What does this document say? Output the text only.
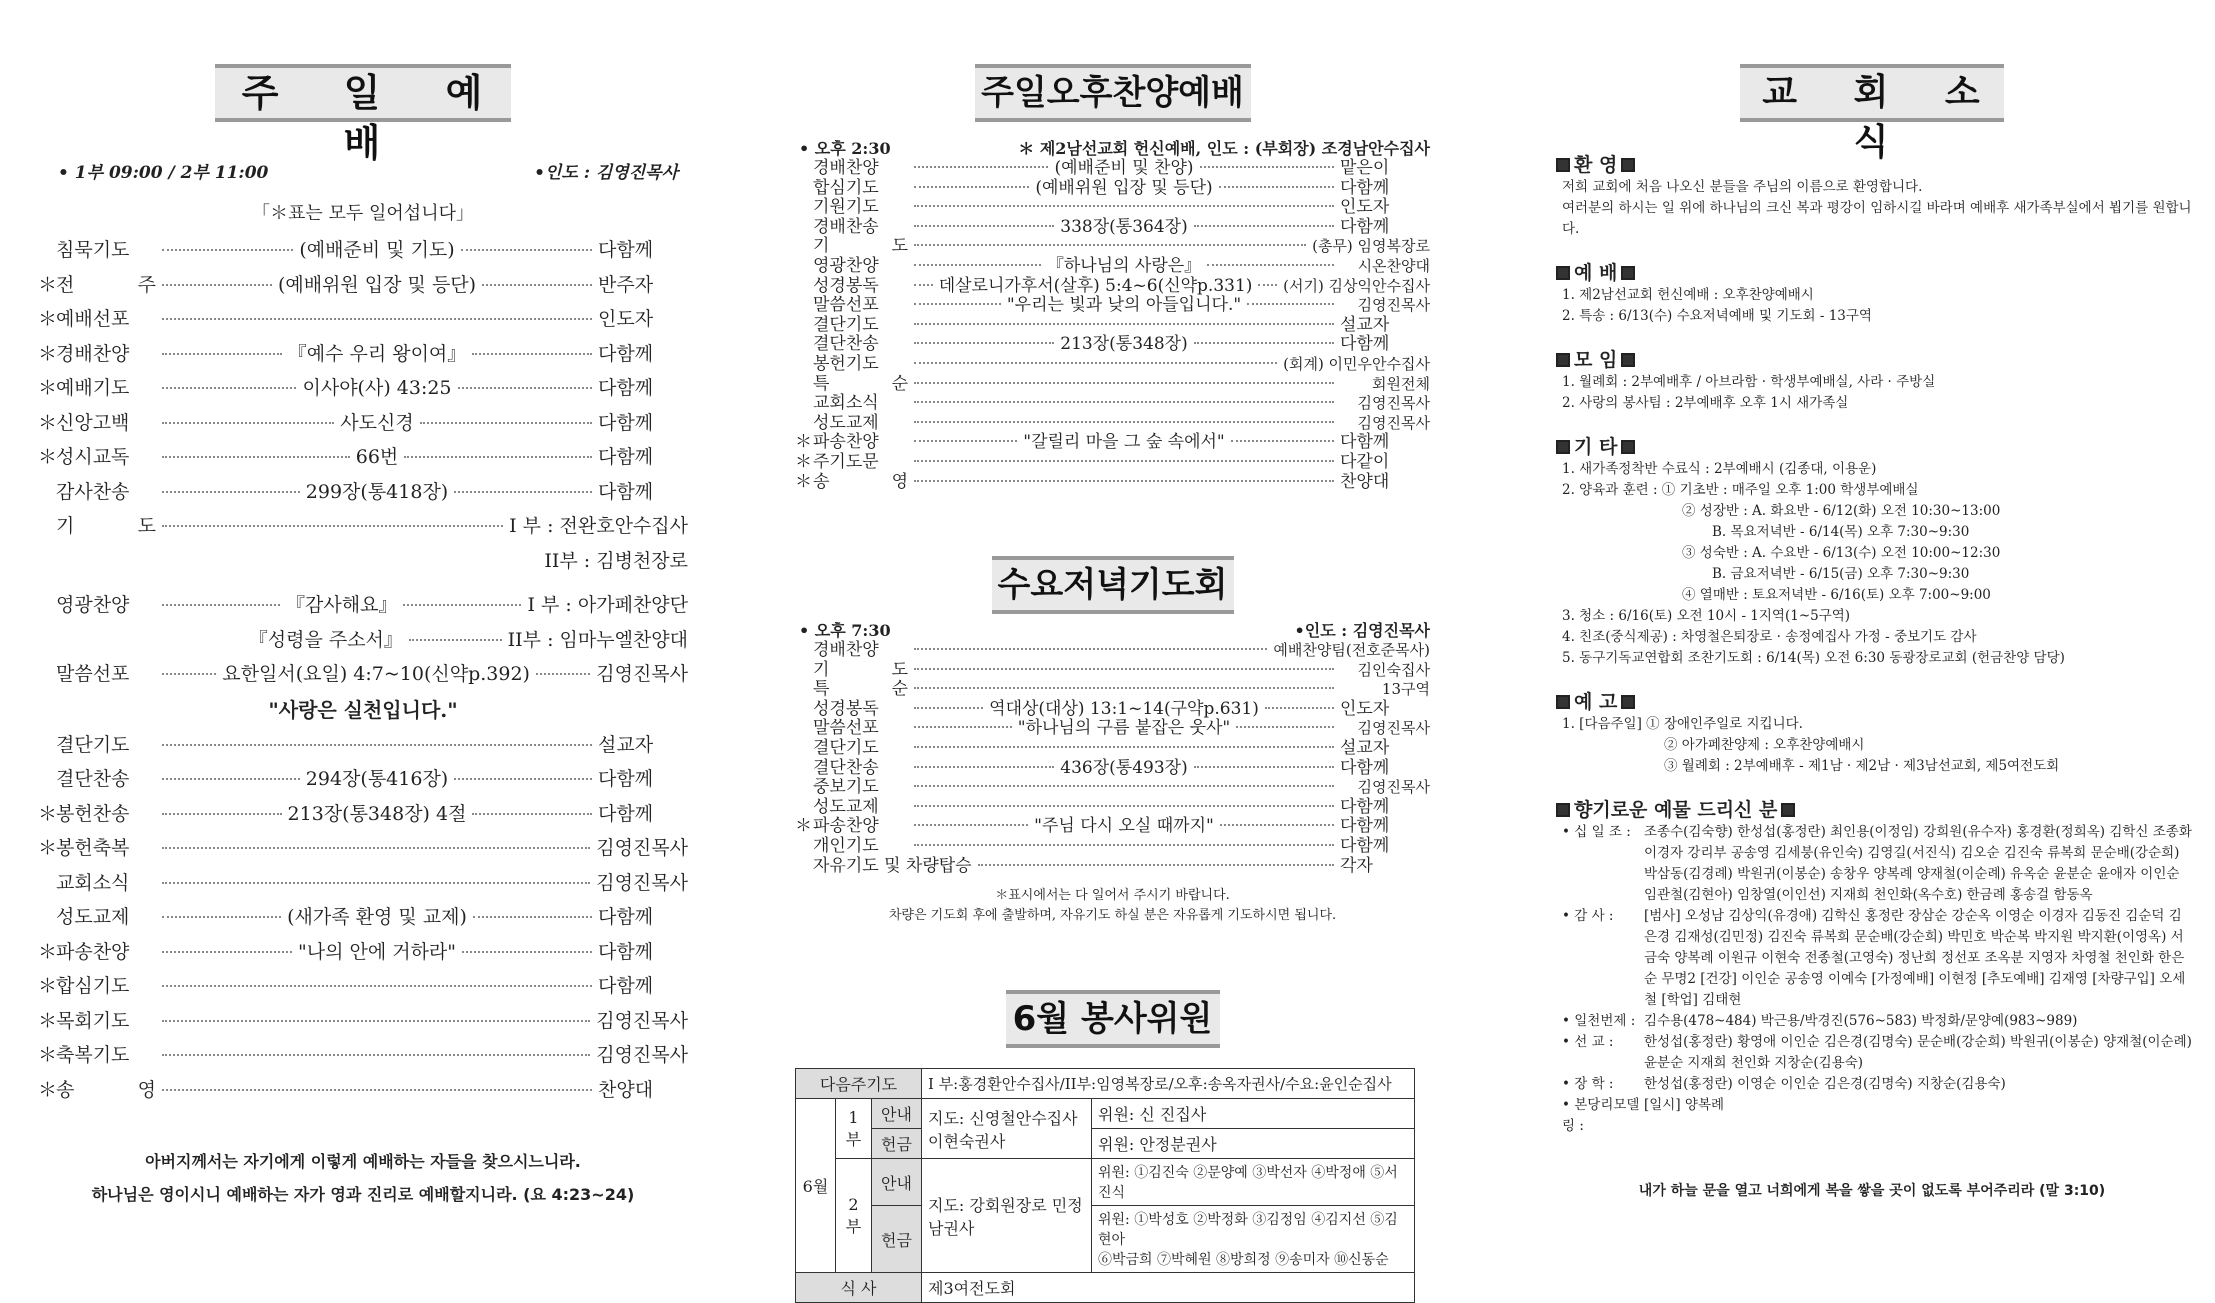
주 일 예 배
• 1부 09:00 / 2부 11:00	•인도 : 김영진목사
「＊표는 모두 일어섭니다」
침묵기도	(예배준비 및 기도)	다함께
＊
전 주	(예배위원 입장 및 등단)	반주자
＊
예배선포	인도자
＊
경배찬양	『예수 우리 왕이여』	다함께
＊
예배기도	이사야(사) 43:25	다함께
＊
신앙고백	사도신경	다함께
＊
성시교독	66번	다함께
감사찬송	299장(통418장)	다함께
기 도	I 부 : 전완호안수집사
II부 : 김병천장로
영광찬양	『감사해요』	I 부 : 아가페찬양단
『성령을 주소서』	II부 : 임마누엘찬양대
말씀선포	요한일서(요일) 4:7~10(신약p.392)	김영진목사
"사랑은 실천입니다."
결단기도	설교자
결단찬송	294장(통416장)	다함께
＊
봉헌찬송	213장(통348장) 4절	다함께
＊
봉헌축복	김영진목사
교회소식	김영진목사
성도교제	(새가족 환영 및 교제)	다함께
＊
파송찬양	"나의 안에 거하라"	다함께
＊
합심기도	다함께
＊
목회기도	김영진목사
＊
축복기도	김영진목사
＊
송 영	찬양대
아버지께서는 자기에게 이렇게 예배하는 자들을 찾으시느니라.
하나님은 영이시니 예배하는 자가 영과 진리로 예배할지니라. (요 4:23~24)
주일오후찬양예배
• 오후 2:30	＊ 제2남선교회 헌신예배, 인도 : (부회장) 조경남안수집사
경배찬양	(예배준비 및 찬양)	맡은이
합심기도	(예배위원 입장 및 등단)	다함께
기원기도	인도자
경배찬송	338장(통364장)	다함께
기 도	(총무) 임영복장로
영광찬양	『하나님의 사랑은』	시온찬양대
성경봉독	데살로니가후서(살후) 5:4~6(신약p.331) (서기) 김상익안수집사
말씀선포	"우리는 빛과 낮의 아들입니다."	김영진목사
결단기도	설교자
결단찬송	213장(통348장)	다함께
봉헌기도	(회계) 이민우안수집사
특 순	회원전체
교회소식	김영진목사
성도교제	김영진목사
＊ 파송찬양	"갈릴리 마을 그 숲 속에서"	다함께
＊ 주기도문	다같이
＊ 송 영	찬양대
수요저녁기도회
• 오후 7:30	•인도 : 김영진목사
경배찬양	예배찬양팀(전호준목사)
기 도	김인숙집사
특 순	13구역
성경봉독	역대상(대상) 13:1~14(구약p.631)	인도자
말씀선포	"하나님의 구름 붙잡은 웃사"	김영진목사
결단기도	설교자
결단찬송	436장(통493장)	다함께
중보기도	김영진목사
성도교제	다함께
＊ 파송찬양	"주님 다시 오실 때까지"	다함께
개인기도	다함께
자유기도 및 차량탑승	각자
＊표시에서는 다 일어서 주시기 바랍니다.
차량은 기도회 후에 출발하며, 자유기도 하실 분은 자유롭게 기도하시면 됩니다.
6월 봉사위원
다음주기도			I 부:홍경환안수집사/II부:임영복장로/오후:송옥자권사/수요:윤인순집사	
6월	1부	안내	지도: 신영철안수집사 이현숙권사	위원: 신 진집사
		헌금		위원: 안정분권사
	2부	안내	지도: 강회원장로 민정남권사	위원: ①김진숙 ②문양예 ③박선자 ④박정애 ⑤서진식
		헌금		위원: ①박성호 ②박정화 ③김정임 ④김지선 ⑤김현아
⑥박금희 ⑦박혜원 ⑧방희정 ⑨송미자 ⑩신동순

식 사			제3여전도회	
교 회 소 식
환 영

저희 교회에 처음 나오신 분들을 주님의 이름으로 환영합니다.

여러분의 하시는 일 위에 하나님의 크신 복과 평강이 임하시길 바라며 예배후 새가족부실에서 뵙기를 원합니다.

예 배

1. 제2남선교회 헌신예배 : 오후찬양예배시

2. 특송 : 6/13(수) 수요저녁예배 및 기도회 - 13구역

모 임

1. 월례회 : 2부예배후 / 아브라함 · 학생부예배실, 사라 · 주방실

2. 사랑의 봉사팀 : 2부예배후 오후 1시 새가족실

기 타

1. 새가족정착반 수료식 : 2부예배시 (김종대, 이용운)

2. 양육과 훈련 : ① 기초반 : 매주일 오후 1:00 학생부예배실

② 성장반 : A. 화요반 - 6/12(화) 오전 10:30~13:00

B. 목요저녁반 - 6/14(목) 오후 7:30~9:30

③ 성숙반 : A. 수요반 - 6/13(수) 오전 10:00~12:30

B. 금요저녁반 - 6/15(금) 오후 7:30~9:30

④ 열매반 : 토요저녁반 - 6/16(토) 오후 7:00~9:00

3. 청소 : 6/16(토) 오전 10시 - 1지역(1~5구역)

4. 친조(중식제공) : 차영철은퇴장로 · 송정예집사 가정 - 중보기도 감사

5. 동구기독교연합회 조찬기도회 : 6/14(목) 오전 6:30 동광장로교회 (헌금찬양 담당)

예 고

1. [다음주일] ① 장애인주일로 지킵니다.

② 아가페찬양제 : 오후찬양예배시

③ 월례회 : 2부예배후 - 제1남 · 제2남 · 제3남선교회, 제5여전도회

향기로운 예물 드리신 분
• 십 일 조 : 조종수(김숙향) 한성섭(홍정란) 최인용(이정임) 강희원(유수자) 홍경환(정희옥) 김학신 조종화 이경자 강리부 공송영 김세붕(유인숙) 김영길(서진식) 김오순 김진숙 류복희 문순배(강순희) 박삼동(김경례) 박원귀(이봉순) 송창우 양복례 양재철(이순례) 유옥순 윤분순 윤애자 이인순 임관철(김현아) 임창열(이인선) 지재희 천인화(옥수호) 한금례 홍송걸 함동옥
• 감 사 :	[범사] 오성남 김상익(유경애) 김학신 홍정란 장삼순 강순옥 이영순 이경자 김동진 김순덕 김은경 김재성(김민정) 김진숙 류복희 문순배(강순희) 박민호 박순복 박지원 박지환(이영옥) 서금숙 양복례 이원규 이현숙 전종철(고영숙) 정난희 정선포 조옥분 지영자 차영철 천인화 한은순 무명2 [건강] 이인순 공송영 이예숙 [가정예배] 이현정 [추도예배] 김재영 [차량구입] 오세철 [학업] 김태현
• 일천번제 : 김수용(478~484) 박근용/박경진(576~583) 박정화/문양예(983~989)
• 선 교 :	한성섭(홍정란) 황영애 이인순 김은경(김명숙) 문순배(강순희) 박원귀(이봉순) 양재철(이순례) 윤분순 지재희 천인화 지창순(김용숙)
• 장 학 :	한성섭(홍정란) 이영순 이인순 김은경(김명숙) 지창순(김용숙)
• 본당리모델링 :
[일시] 양복례
내가 하늘 문을 열고 너희에게 복을 쌓을 곳이 없도록 부어주리라 (말 3:10)
